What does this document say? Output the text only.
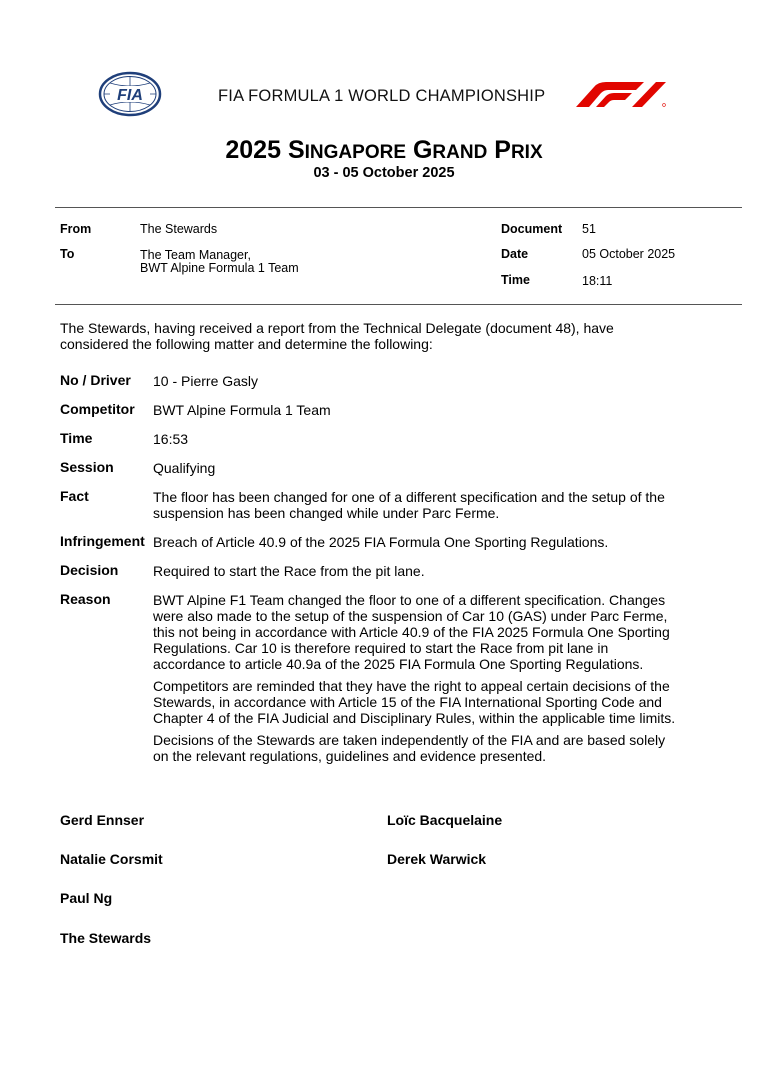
FIA	FIA FORMULA 1 WORLD CHAMPIONSHIP
2025 SINGAPORE GRAND PRIX
03 - 05 October 2025
From	The Stewards
To	The Team Manager,
BWT Alpine Formula 1 Team
Document 51
Date	05 October 2025
Time	18:11
The Stewards, having received a report from the Technical Delegate (document 48), have
considered the following matter and determine the following:
No / Driver 10 - Pierre Gasly
Competitor BWT Alpine Formula 1 Team
Time	16:53
Session	Qualifying
Fact	The floor has been changed for one of a different specification and the setup of the
suspension has been changed while under Parc Ferme.
Infringement Breach of Article 40.9 of the 2025 FIA Formula One Sporting Regulations.
Decision Required to start the Race from the pit lane.
Reason	BWT Alpine F1 Team changed the floor to one of a different specification. Changes
were also made to the setup of the suspension of Car 10 (GAS) under Parc Ferme,
this not being in accordance with Article 40.9 of the FIA 2025 Formula One Sporting
Regulations. Car 10 is therefore required to start the Race from pit lane in
accordance to article 40.9a of the 2025 FIA Formula One Sporting Regulations.

Competitors are reminded that they have the right to appeal certain decisions of the
Stewards, in accordance with Article 15 of the FIA International Sporting Code and
Chapter 4 of the FIA Judicial and Disciplinary Rules, within the applicable time limits.

Decisions of the Stewards are taken independently of the FIA and are based solely
on the relevant regulations, guidelines and evidence presented.

Gerd Ennser	Loïc Bacquelaine
Natalie Corsmit	Derek Warwick
Paul Ng
The Stewards
